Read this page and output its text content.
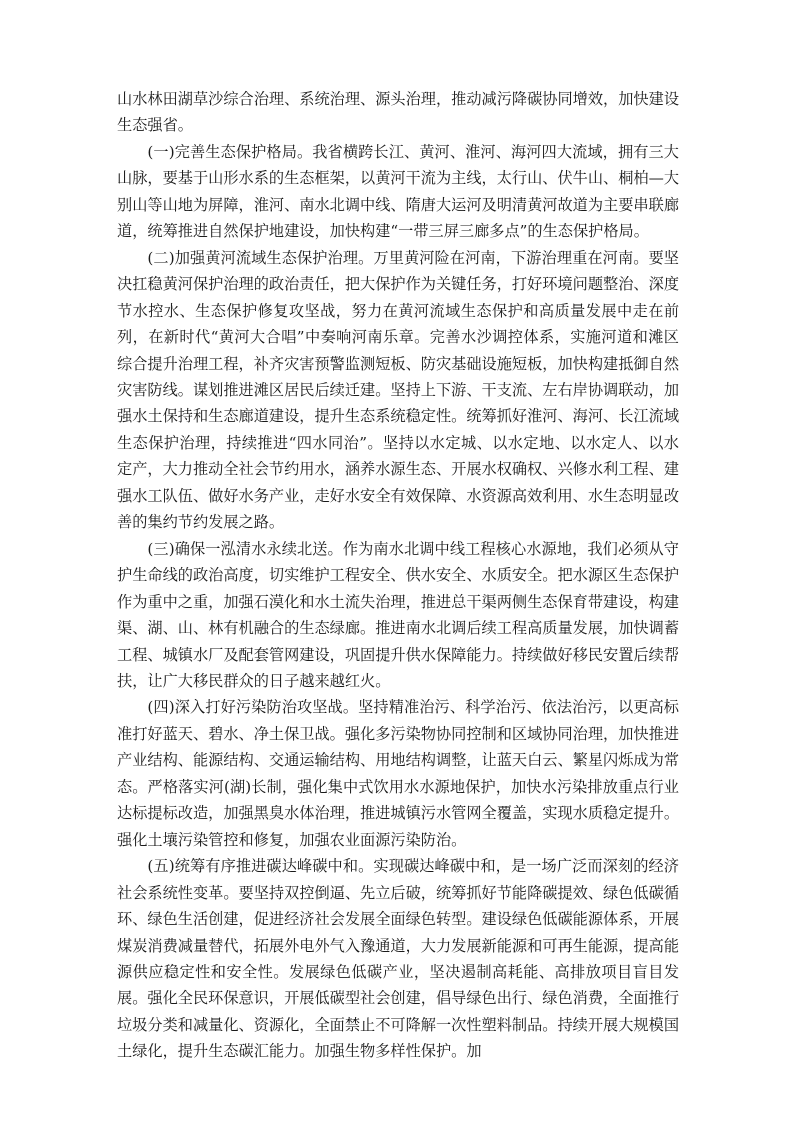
山水林田湖草沙综合治理、系统治理、源头治理，推动减污降碳协同增效，加快建设生态强省。

(一)完善生态保护格局。我省横跨长江、黄河、淮河、海河四大流域，拥有三大山脉，要基于山形水系的生态框架，以黄河干流为主线，太行山、伏牛山、桐柏—大别山等山地为屏障，淮河、南水北调中线、隋唐大运河及明清黄河故道为主要串联廊道，统筹推进自然保护地建设，加快构建“一带三屏三廊多点”的生态保护格局。

(二)加强黄河流域生态保护治理。万里黄河险在河南，下游治理重在河南。要坚决扛稳黄河保护治理的政治责任，把大保护作为关键任务，打好环境问题整治、深度节水控水、生态保护修复攻坚战，努力在黄河流域生态保护和高质量发展中走在前列，在新时代“黄河大合唱”中奏响河南乐章。完善水沙调控体系，实施河道和滩区综合提升治理工程，补齐灾害预警监测短板、防灾基础设施短板，加快构建抵御自然灾害防线。谋划推进滩区居民后续迁建。坚持上下游、干支流、左右岸协调联动，加强水土保持和生态廊道建设，提升生态系统稳定性。统筹抓好淮河、海河、长江流域生态保护治理，持续推进“四水同治”。坚持以水定城、以水定地、以水定人、以水定产，大力推动全社会节约用水，涵养水源生态、开展水权确权、兴修水利工程、建强水工队伍、做好水务产业，走好水安全有效保障、水资源高效利用、水生态明显改善的集约节约发展之路。

(三)确保一泓清水永续北送。作为南水北调中线工程核心水源地，我们必须从守护生命线的政治高度，切实维护工程安全、供水安全、水质安全。把水源区生态保护作为重中之重，加强石漠化和水土流失治理，推进总干渠两侧生态保育带建设，构建渠、湖、山、林有机融合的生态绿廊。推进南水北调后续工程高质量发展，加快调蓄工程、城镇水厂及配套管网建设，巩固提升供水保障能力。持续做好移民安置后续帮扶，让广大移民群众的日子越来越红火。

(四)深入打好污染防治攻坚战。坚持精准治污、科学治污、依法治污，以更高标准打好蓝天、碧水、净土保卫战。强化多污染物协同控制和区域协同治理，加快推进产业结构、能源结构、交通运输结构、用地结构调整，让蓝天白云、繁星闪烁成为常态。严格落实河(湖)长制，强化集中式饮用水水源地保护，加快水污染排放重点行业达标提标改造，加强黑臭水体治理，推进城镇污水管网全覆盖，实现水质稳定提升。强化土壤污染管控和修复，加强农业面源污染防治。

(五)统筹有序推进碳达峰碳中和。实现碳达峰碳中和，是一场广泛而深刻的经济社会系统性变革。要坚持双控倒逼、先立后破，统筹抓好节能降碳提效、绿色低碳循环、绿色生活创建，促进经济社会发展全面绿色转型。建设绿色低碳能源体系，开展煤炭消费减量替代，拓展外电外气入豫通道，大力发展新能源和可再生能源，提高能源供应稳定性和安全性。发展绿色低碳产业，坚决遏制高耗能、高排放项目盲目发展。强化全民环保意识，开展低碳型社会创建，倡导绿色出行、绿色消费，全面推行垃圾分类和减量化、资源化，全面禁止不可降解一次性塑料制品。持续开展大规模国土绿化，提升生态碳汇能力。加强生物多样性保护。加
